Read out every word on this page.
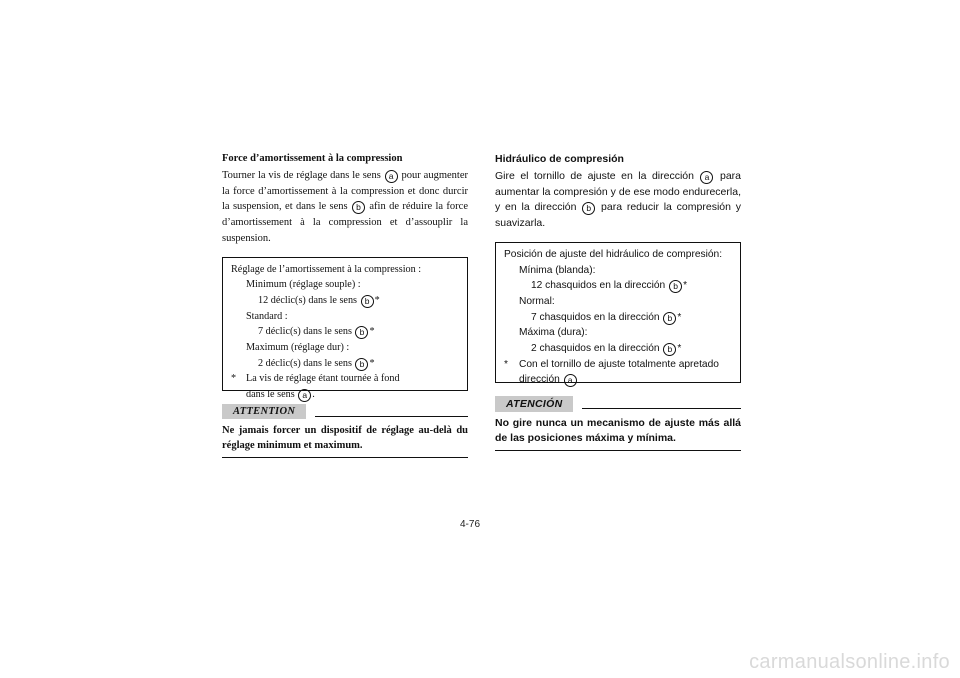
Force d’amortissement à la compression

Tourner la vis de réglage dans le sens a pour augmenter la force d’amortissement à la compression et donc durcir la suspension, et dans le sens b afin de réduire la force d’amortissement à la compression et d’assouplir la suspension.

Réglage de l’amortissement à la compression :
Minimum (réglage souple) :
12 déclic(s) dans le sens b *
Standard :
7 déclic(s) dans le sens b *
Maximum (réglage dur) :
2 déclic(s) dans le sens b *
* La vis de réglage étant tournée à fond
dans le sens a .
ATTENTION

Ne jamais forcer un dispositif de réglage au-delà du réglage minimum et maximum.

Hidráulico de compresión

Gire el tornillo de ajuste en la dirección a para aumentar la compresión y de ese modo endurecerla, y en la dirección b para reducir la compresión y suavizarla.

Posición de ajuste del hidráulico de compresión:
Mínima (blanda):
12 chasquidos en la dirección b *
Normal:
7 chasquidos en la dirección b *
Máxima (dura):
2 chasquidos en la dirección b *
*	Con el tornillo de ajuste totalmente apretado
dirección a
ATENCIÓN

No gire nunca un mecanismo de ajuste más allá de las posiciones máxima y mínima.

4-76
carmanualsonline.info
